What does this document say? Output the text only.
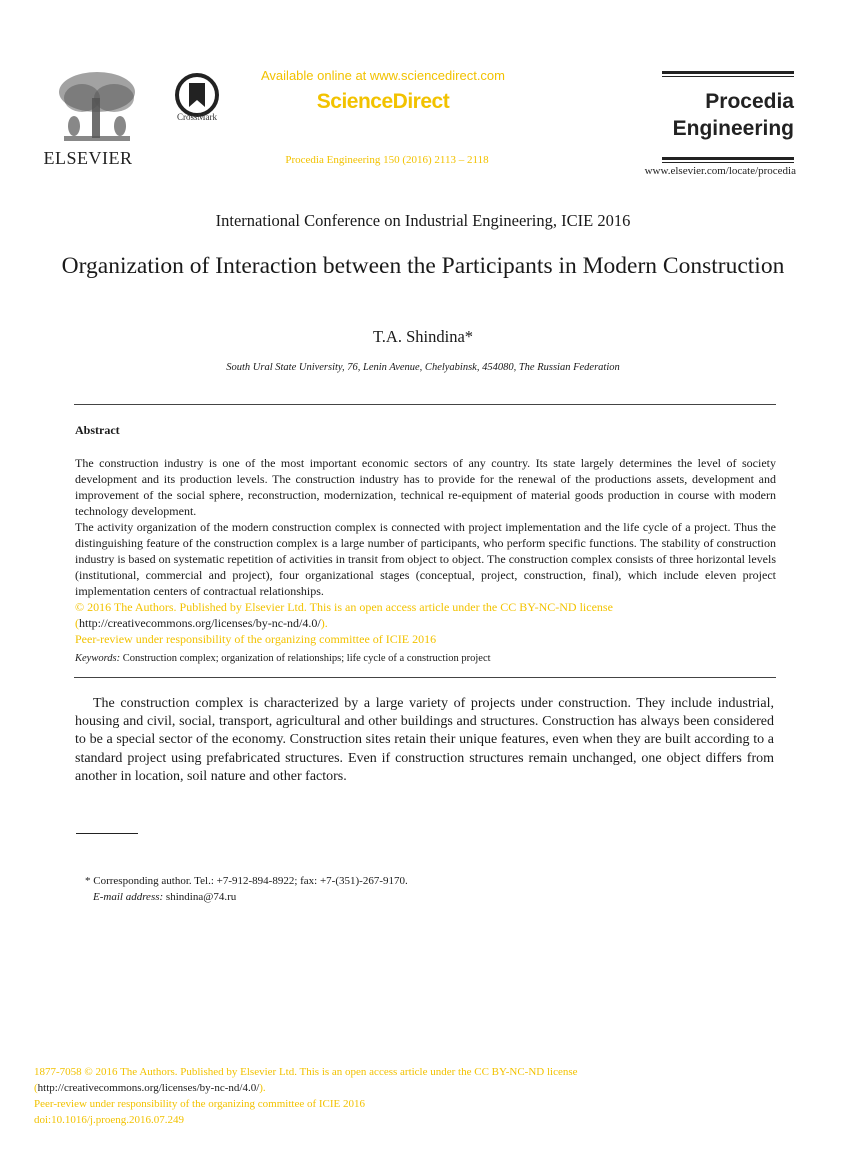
ELSEVIER
CrossMark
Available online at www.sciencedirect.com
ScienceDirect
Procedia Engineering 150 (2016) 2113 – 2118
Procedia
Engineering
www.elsevier.com/locate/procedia
International Conference on Industrial Engineering, ICIE 2016
Organization of Interaction between the Participants in Modern Construction
T.A. Shindina*
South Ural State University, 76, Lenin Avenue, Chelyabinsk, 454080, The Russian Federation
Abstract

The construction industry is one of the most important economic sectors of any country. Its state largely determines the level of society development and its production levels. The construction industry has to provide for the renewal of the productions assets, development and improvement of the social sphere, reconstruction, modernization, technical re-equipment of material goods production in course with modern technology development.

The activity organization of the modern construction complex is connected with project implementation and the life cycle of a project. Thus the distinguishing feature of the construction complex is a large number of participants, who perform specific functions. The stability of construction industry is based on systematic repetition of activities in transit from object to object. The construction complex consists of three horizontal levels (institutional, commercial and project), four organizational stages (conceptual, project, construction, final), which include eleven project implementation centers of contractual relationships.

© 2016 The Authors. Published by Elsevier Ltd. This is an open access article under the CC BY-NC-ND license

(http://creativecommons.org/licenses/by-nc-nd/4.0/).

Peer-review under responsibility of the organizing committee of ICIE 2016

Keywords: Construction complex; organization of relationships; life cycle of a construction project
The construction complex is characterized by a large variety of projects under construction. They include industrial, housing and civil, social, transport, agricultural and other buildings and structures. Construction has always been considered to be a special sector of the economy. Construction sites retain their unique features, even when they are built according to a standard project using prefabricated structures. Even if construction structures remain unchanged, one object differs from another in location, soil nature and other factors.
* Corresponding author. Tel.: +7-912-894-8922; fax: +7-(351)-267-9170.
E-mail address: shindina@74.ru
1877-7058 © 2016 The Authors. Published by Elsevier Ltd. This is an open access article under the CC BY-NC-ND license
(http://creativecommons.org/licenses/by-nc-nd/4.0/).
Peer-review under responsibility of the organizing committee of ICIE 2016
doi:10.1016/j.proeng.2016.07.249
